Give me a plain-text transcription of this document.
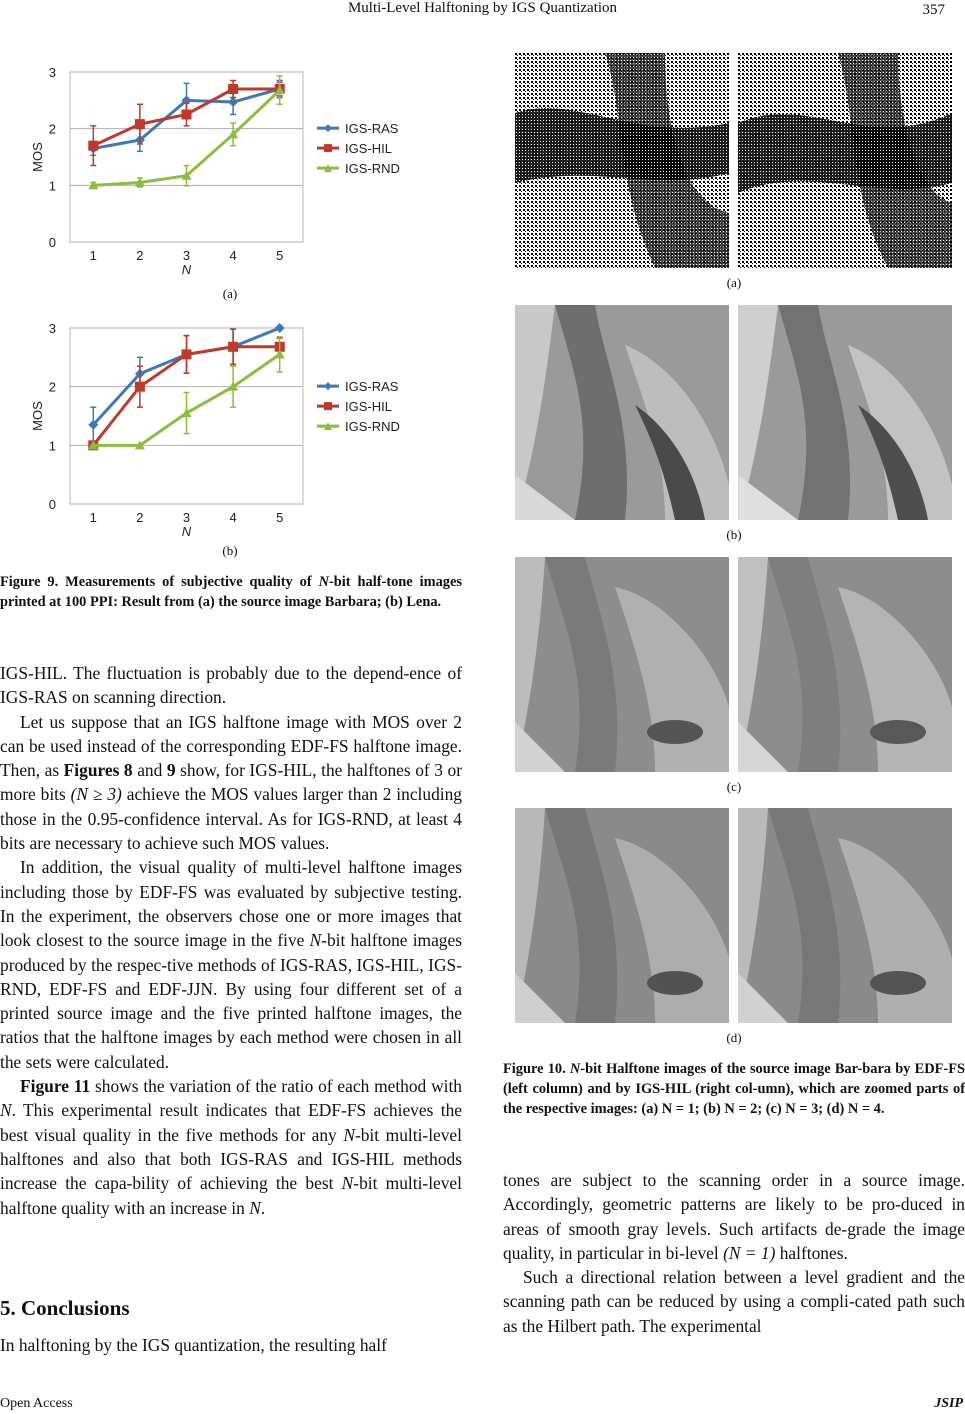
Multi-Level Halftoning by IGS Quantization	357
0
1
2
3
1	2	3	4	5
N
MOS
IGS-RAS
IGS-HIL
IGS-RND
(a)
0
1
2
3
1	2	3	4	5
N
MOS
IGS-RAS
IGS-HIL
IGS-RND
(b)
Figure 9. Measurements of subjective quality of N-bit half-tone images printed at 100 PPI: Result from (a) the source image Barbara; (b) Lena.

IGS-HIL. The fluctuation is probably due to the depend-ence of IGS-RAS on scanning direction.

Let us suppose that an IGS halftone image with MOS over 2 can be used instead of the corresponding EDF-FS halftone image. Then, as Figures 8 and 9 show, for IGS-HIL, the halftones of 3 or more bits (N ≥ 3) achieve the MOS values larger than 2 including those in the 0.95-confidence interval. As for IGS-RND, at least 4 bits are necessary to achieve such MOS values.

In addition, the visual quality of multi-level halftone images including those by EDF-FS was evaluated by subjective testing. In the experiment, the observers chose one or more images that look closest to the source image in the five N-bit halftone images produced by the respec-tive methods of IGS-RAS, IGS-HIL, IGS-RND, EDF-FS and EDF-JJN. By using four different set of a printed source image and the five printed halftone images, the ratios that the halftone images by each method were chosen in all the sets were calculated.

Figure 11 shows the variation of the ratio of each method with N. This experimental result indicates that EDF-FS achieves the best visual quality in the five methods for any N-bit multi-level halftones and also that both IGS-RAS and IGS-HIL methods increase the capa-bility of achieving the best N-bit multi-level halftone quality with an increase in N.

5. Conclusions

In halftoning by the IGS quantization, the resulting half

(a)
(b)
(c)
(d)
Figure 10. N-bit Halftone images of the source image Bar-bara by EDF-FS (left column) and by IGS-HIL (right col-umn), which are zoomed parts of the respective images: (a) N = 1; (b) N = 2; (c) N = 3; (d) N = 4.

tones are subject to the scanning order in a source image. Accordingly, geometric patterns are likely to be pro-duced in areas of smooth gray levels. Such artifacts de-grade the image quality, in particular in bi-level (N = 1) halftones.

Such a directional relation between a level gradient and the scanning path can be reduced by using a compli-cated path such as the Hilbert path. The experimental

Open Access	JSIP
